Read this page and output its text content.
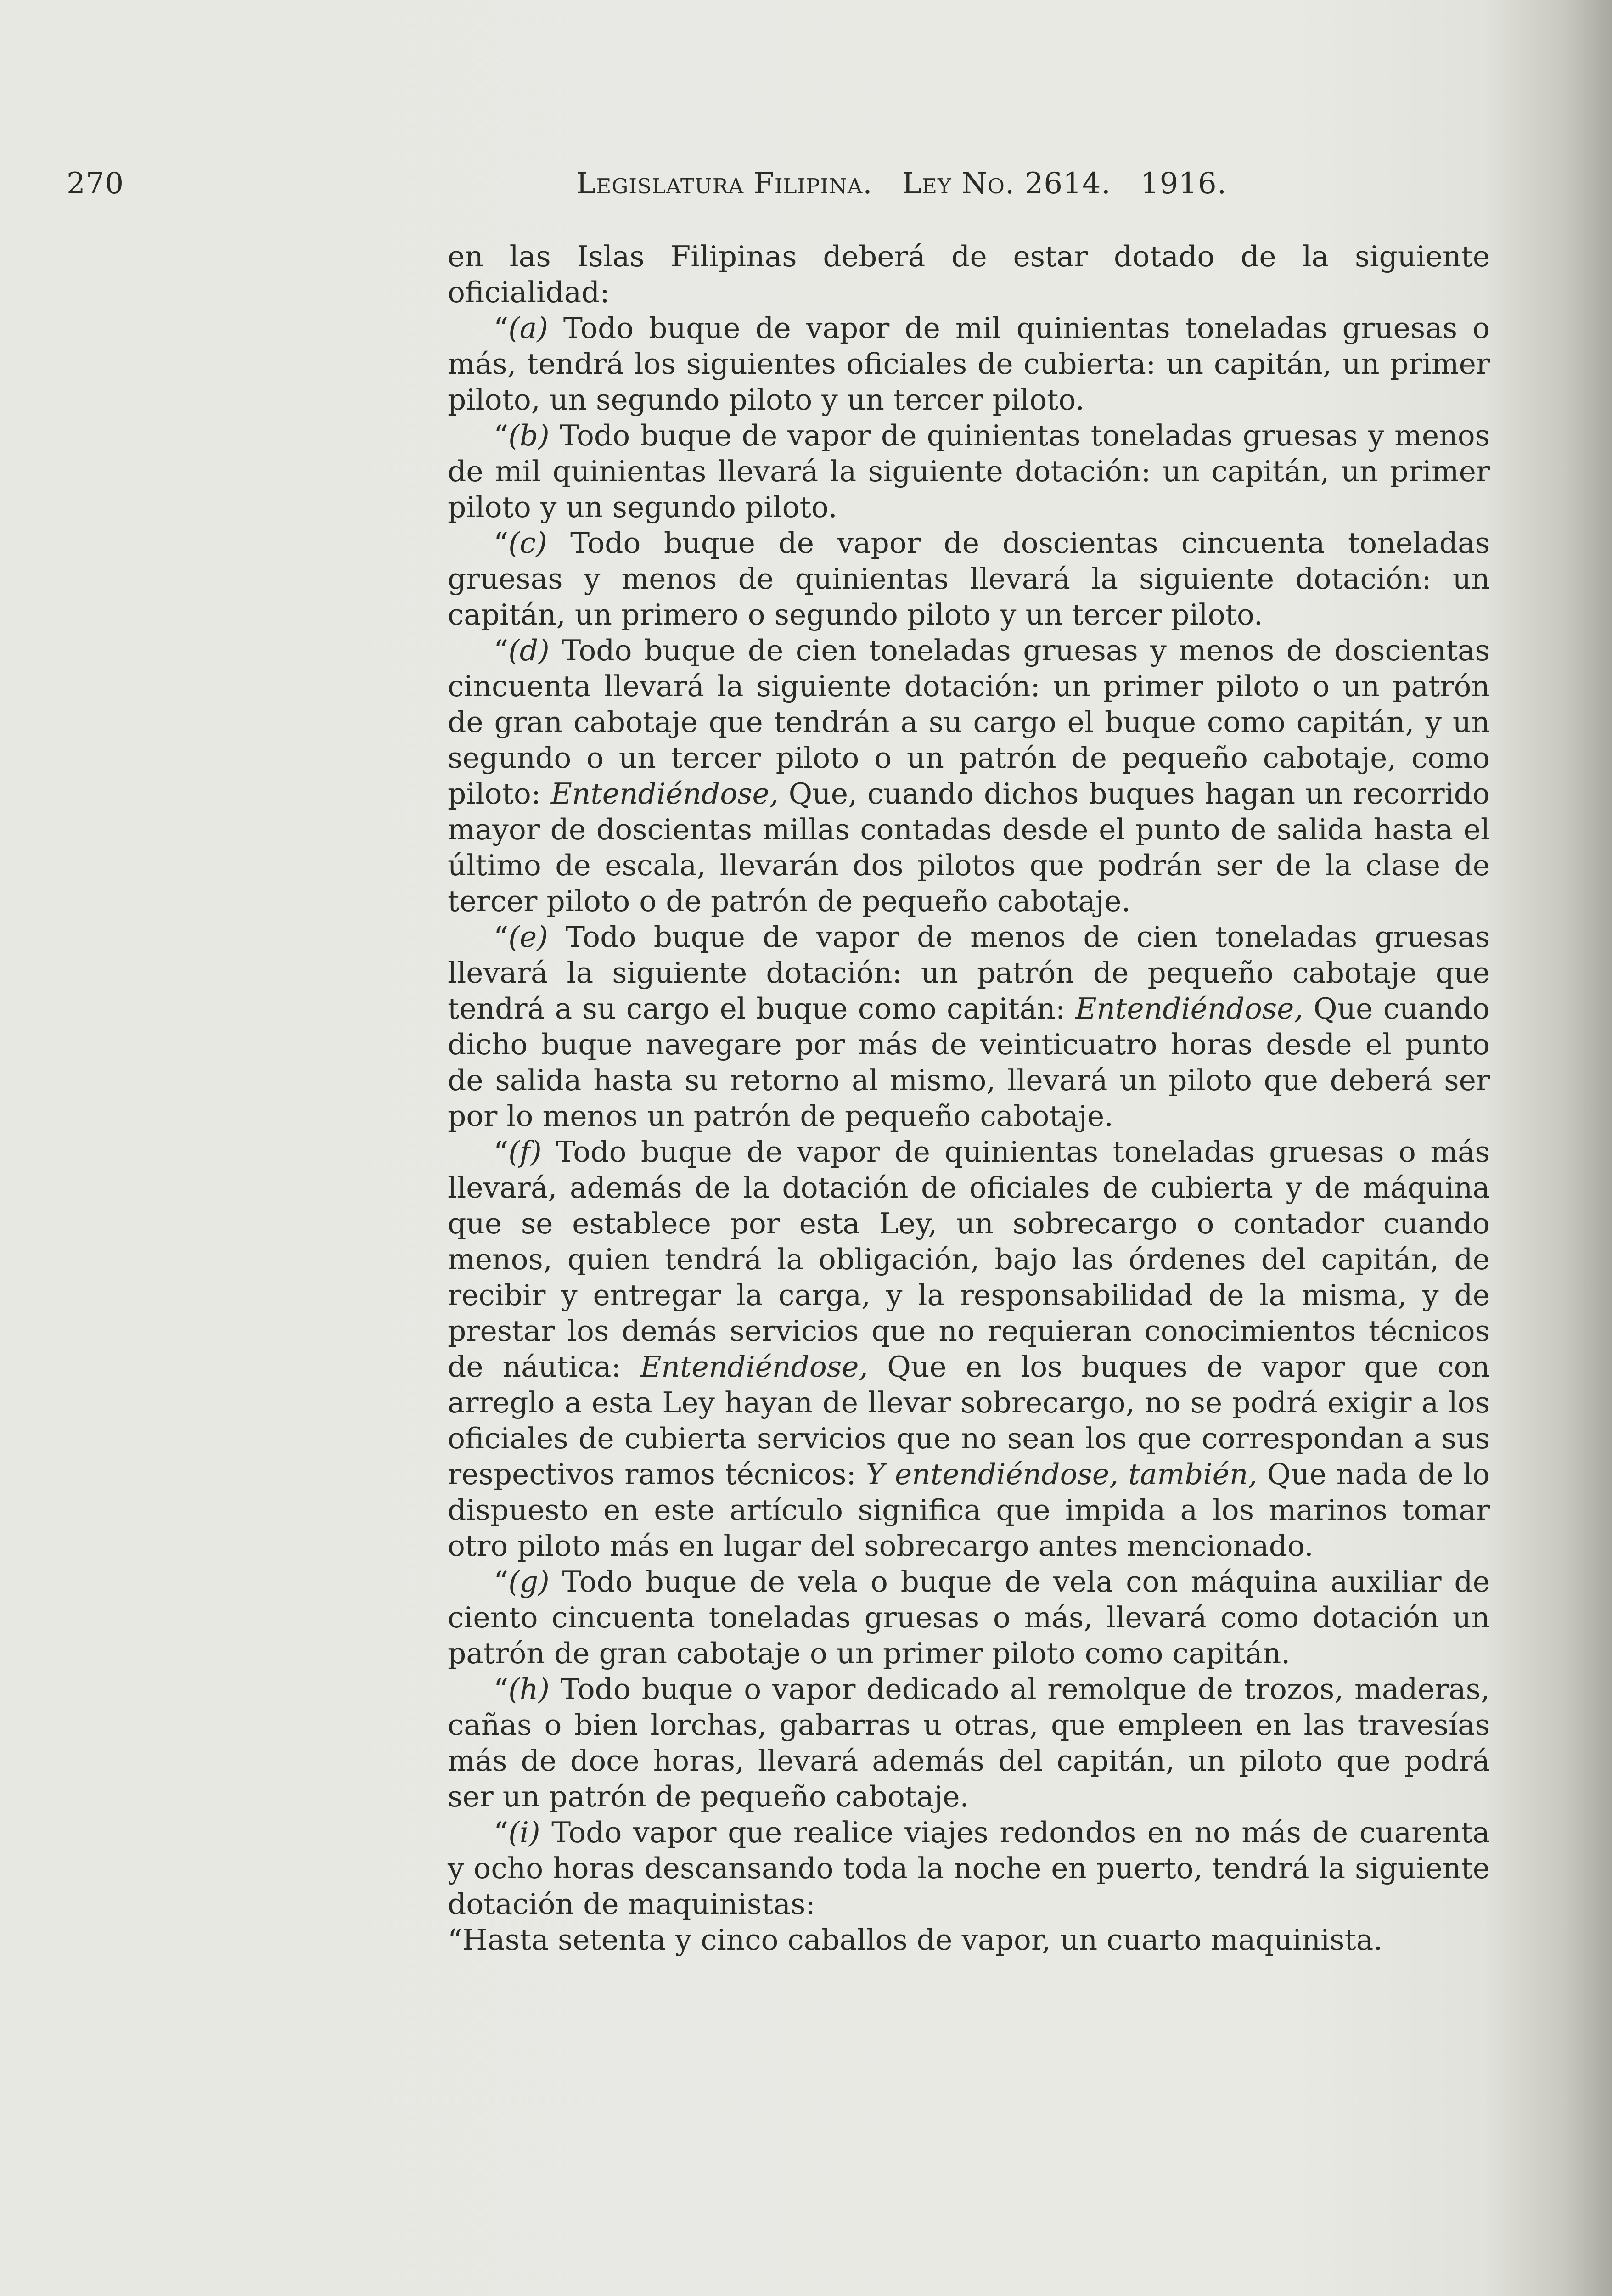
270	Legislatura Filipina.   Ley No. 2614.   1916.

en las Islas Filipinas deberá de estar dotado de la siguiente oficialidad:

“(a) Todo buque de vapor de mil quinientas toneladas gruesas o más, tendrá los siguientes oficiales de cubierta: un capitán, un primer piloto, un segundo piloto y un tercer piloto.

“(b) Todo buque de vapor de quinientas toneladas gruesas y menos de mil quinientas llevará la siguiente dotación: un capitán, un primer piloto y un segundo piloto.

“(c) Todo buque de vapor de doscientas cincuenta toneladas gruesas y menos de quinientas llevará la siguiente dotación: un capitán, un primero o segundo piloto y un tercer piloto.

“(d) Todo buque de cien toneladas gruesas y menos de doscientas cincuenta llevará la siguiente dotación: un primer piloto o un patrón de gran cabotaje que tendrán a su cargo el buque como capitán, y un segundo o un tercer piloto o un patrón de pequeño cabotaje, como piloto: Entendiéndose, Que, cuando dichos buques hagan un recorrido mayor de doscientas millas contadas desde el punto de salida hasta el último de escala, llevarán dos pilotos que podrán ser de la clase de tercer piloto o de patrón de pequeño cabotaje.

“(e) Todo buque de vapor de menos de cien toneladas gruesas llevará la siguiente dotación: un patrón de pequeño cabotaje que tendrá a su cargo el buque como capitán: Entendiéndose, Que cuando dicho buque navegare por más de veinticuatro horas desde el punto de salida hasta su retorno al mismo, llevará un piloto que deberá ser por lo menos un patrón de pequeño cabotaje.

“(f) Todo buque de vapor de quinientas toneladas gruesas o más llevará, además de la dotación de oficiales de cubierta y de máquina que se establece por esta Ley, un sobrecargo o contador cuando menos, quien tendrá la obligación, bajo las órdenes del capitán, de recibir y entregar la carga, y la responsabilidad de la misma, y de prestar los demás servicios que no requieran conocimientos técnicos de náutica: Entendiéndose, Que en los buques de vapor que con arreglo a esta Ley hayan de llevar sobrecargo, no se podrá exigir a los oficiales de cubierta servicios que no sean los que correspondan a sus respectivos ramos técnicos: Y entendiéndose, también, Que nada de lo dispuesto en este artículo significa que impida a los marinos tomar otro piloto más en lugar del sobrecargo antes mencionado.

“(g) Todo buque de vela o buque de vela con máquina auxiliar de ciento cincuenta toneladas gruesas o más, llevará como dotación un patrón de gran cabotaje o un primer piloto como capitán.

“(h) Todo buque o vapor dedicado al remolque de trozos, maderas, cañas o bien lorchas, gabarras u otras, que empleen en las travesías más de doce horas, llevará además del capitán, un piloto que podrá ser un patrón de pequeño cabotaje.

“(i) Todo vapor que realice viajes redondos en no más de cuarenta y ocho horas descansando toda la noche en puerto, tendrá la siguiente dotación de maquinistas:

“Hasta setenta y cinco caballos de vapor, un cuarto maquinista.
